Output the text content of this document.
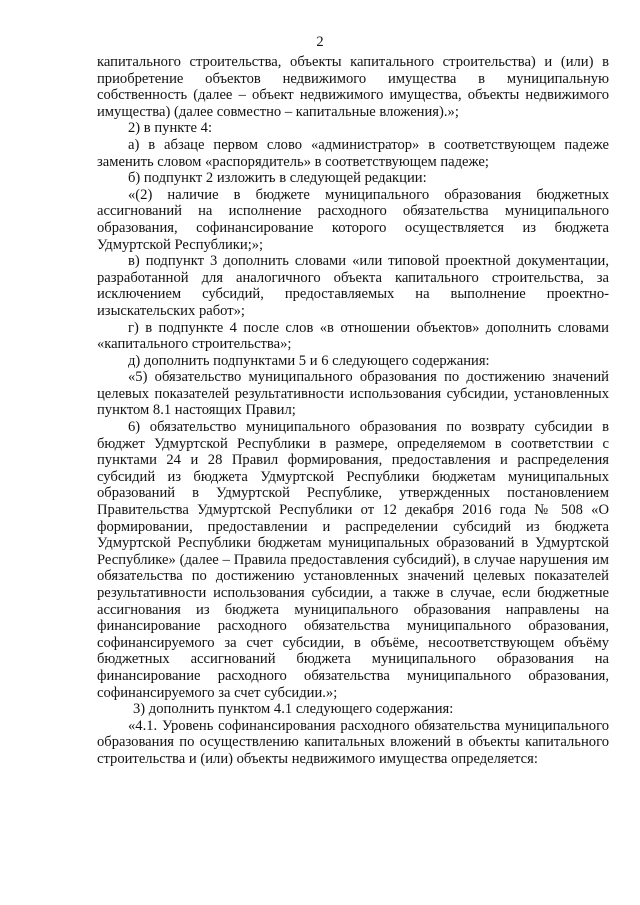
2

капитального строительства, объекты капитального строительства) и (или) в приобретение объектов недвижимого имущества в муниципальную собственность (далее – объект недвижимого имущества, объекты недвижимого имущества) (далее совместно – капитальные вложения).»;

2) в пункте 4:

а) в абзаце первом слово «администратор» в соответствующем падеже заменить словом «распорядитель» в соответствующем падеже;

б) подпункт 2 изложить в следующей редакции:

«(2) наличие в бюджете муниципального образования бюджетных ассигнований на исполнение расходного обязательства муниципального образования, софинансирование которого осуществляется из бюджета Удмуртской Республики;»;

в) подпункт 3 дополнить словами «или типовой проектной документации, разработанной для аналогичного объекта капитального строительства, за исключением субсидий, предоставляемых на выполнение проектно-изыскательских работ»;

г) в подпункте 4 после слов «в отношении объектов» дополнить словами «капитального строительства»;

д) дополнить подпунктами 5 и 6 следующего содержания:

«5) обязательство муниципального образования по достижению значений целевых показателей результативности использования субсидии, установленных пунктом 8.1 настоящих Правил;

6) обязательство муниципального образования по возврату субсидии в бюджет Удмуртской Республики в размере, определяемом в соответствии с пунктами 24 и 28 Правил формирования, предоставления и распределения субсидий из бюджета Удмуртской Республики бюджетам муниципальных образований в Удмуртской Республике, утвержденных постановлением Правительства Удмуртской Республики от 12 декабря 2016 года № 508 «О формировании, предоставлении и распределении субсидий из бюджета Удмуртской Республики бюджетам муниципальных образований в Удмуртской Республике» (далее – Правила предоставления субсидий), в случае нарушения им обязательства по достижению установленных значений целевых показателей результативности использования субсидии, а также в случае, если бюджетные ассигнования из бюджета муниципального образования направлены на финансирование расходного обязательства муниципального образования, софинансируемого за счет субсидии, в объёме, несоответствующем объёму бюджетных ассигнований бюджета муниципального образования на финансирование расходного обязательства муниципального образования, софинансируемого за счет субсидии.»;

3) дополнить пунктом 4.1 следующего содержания:

«4.1. Уровень софинансирования расходного обязательства муниципального образования по осуществлению капитальных вложений в объекты капитального строительства и (или) объекты недвижимого имущества определяется:
